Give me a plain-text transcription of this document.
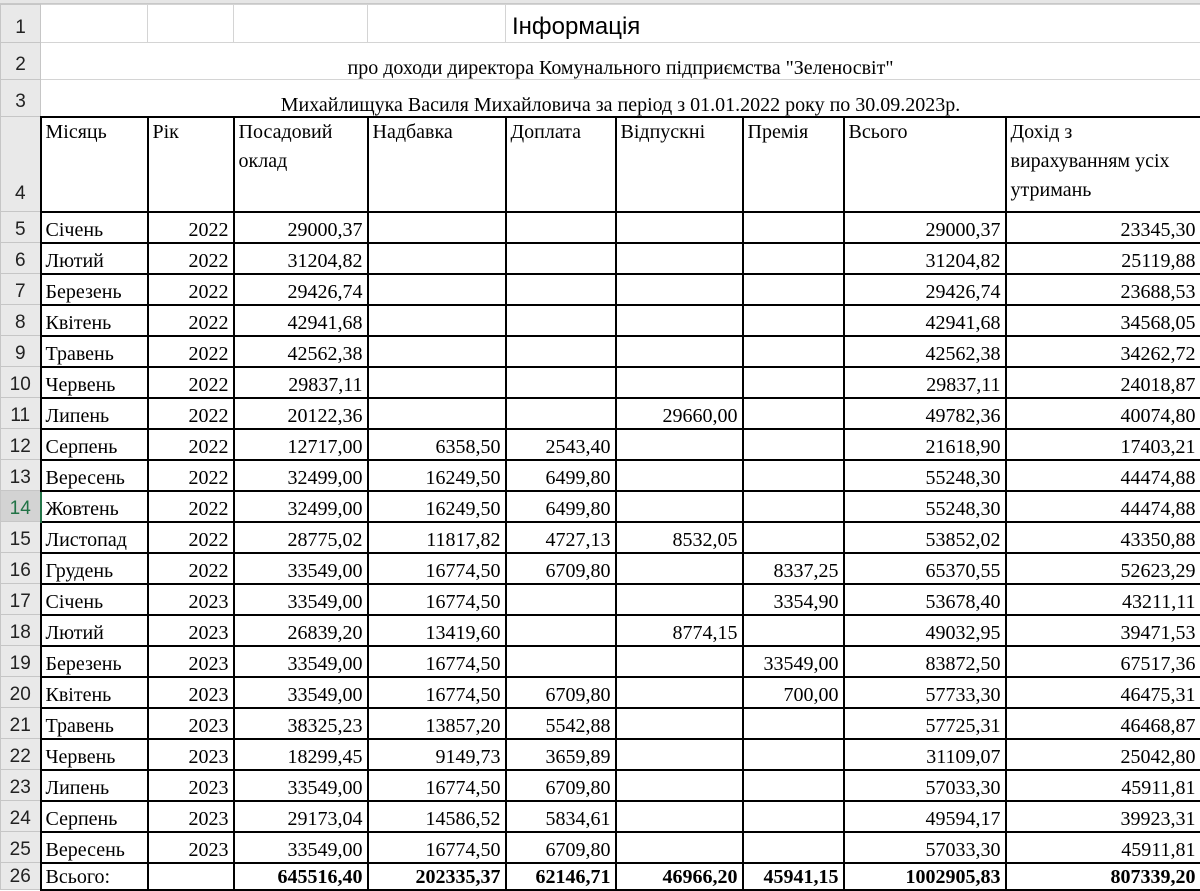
1					Інформація				
2	про доходи директора Комунального підприємства "Зеленосвіт"								
3	Михайлищука Василя Михайловича за період з 01.01.2022 року по 30.09.2023р.								
4	Місяць	Рік	Посадовий оклад	Надбавка	Доплата	Відпускні	Премія	Всього	Дохід з вирахуванням усіх утримань
5	Січень	2022	29000,37					29000,37	23345,30
6	Лютий	2022	31204,82					31204,82	25119,88
7	Березень	2022	29426,74					29426,74	23688,53
8	Квітень	2022	42941,68					42941,68	34568,05
9	Травень	2022	42562,38					42562,38	34262,72
10	Червень	2022	29837,11					29837,11	24018,87
11	Липень	2022	20122,36			29660,00		49782,36	40074,80
12	Серпень	2022	12717,00	6358,50	2543,40			21618,90	17403,21
13	Вересень	2022	32499,00	16249,50	6499,80			55248,30	44474,88
14	Жовтень	2022	32499,00	16249,50	6499,80			55248,30	44474,88
15	Листопад	2022	28775,02	11817,82	4727,13	8532,05		53852,02	43350,88
16	Грудень	2022	33549,00	16774,50	6709,80		8337,25	65370,55	52623,29
17	Січень	2023	33549,00	16774,50			3354,90	53678,40	43211,11
18	Лютий	2023	26839,20	13419,60		8774,15		49032,95	39471,53
19	Березень	2023	33549,00	16774,50			33549,00	83872,50	67517,36
20	Квітень	2023	33549,00	16774,50	6709,80		700,00	57733,30	46475,31
21	Травень	2023	38325,23	13857,20	5542,88			57725,31	46468,87
22	Червень	2023	18299,45	9149,73	3659,89			31109,07	25042,80
23	Липень	2023	33549,00	16774,50	6709,80			57033,30	45911,81
24	Серпень	2023	29173,04	14586,52	5834,61			49594,17	39923,31
25	Вересень	2023	33549,00	16774,50	6709,80			57033,30	45911,81
26	Всього:		645516,40	202335,37	62146,71	46966,20	45941,15	1002905,83	807339,20
